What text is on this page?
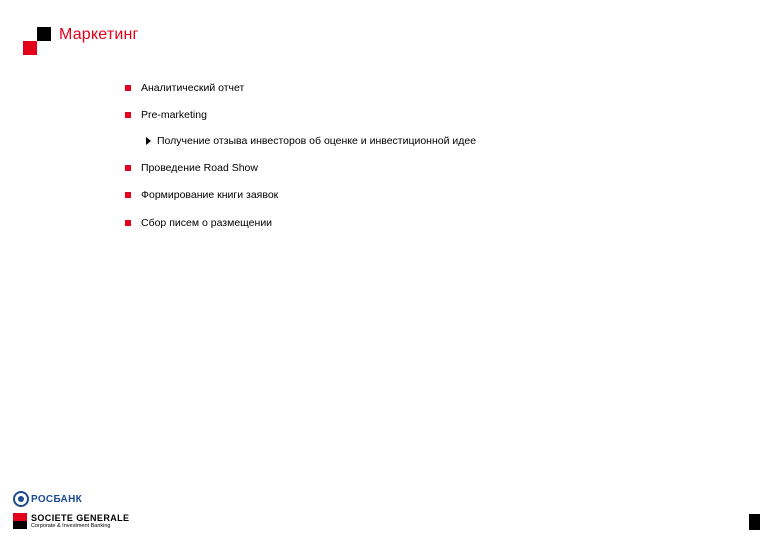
Маркетинг
Аналитический отчет
Pre-marketing
Получение отзыва инвесторов об оценке и инвестиционной идее
Проведение Road Show
Формирование книги заявок
Сбор писем о размещении
РОСБАНК
SOCIETE GENERALE
Corporate & Investment Banking
